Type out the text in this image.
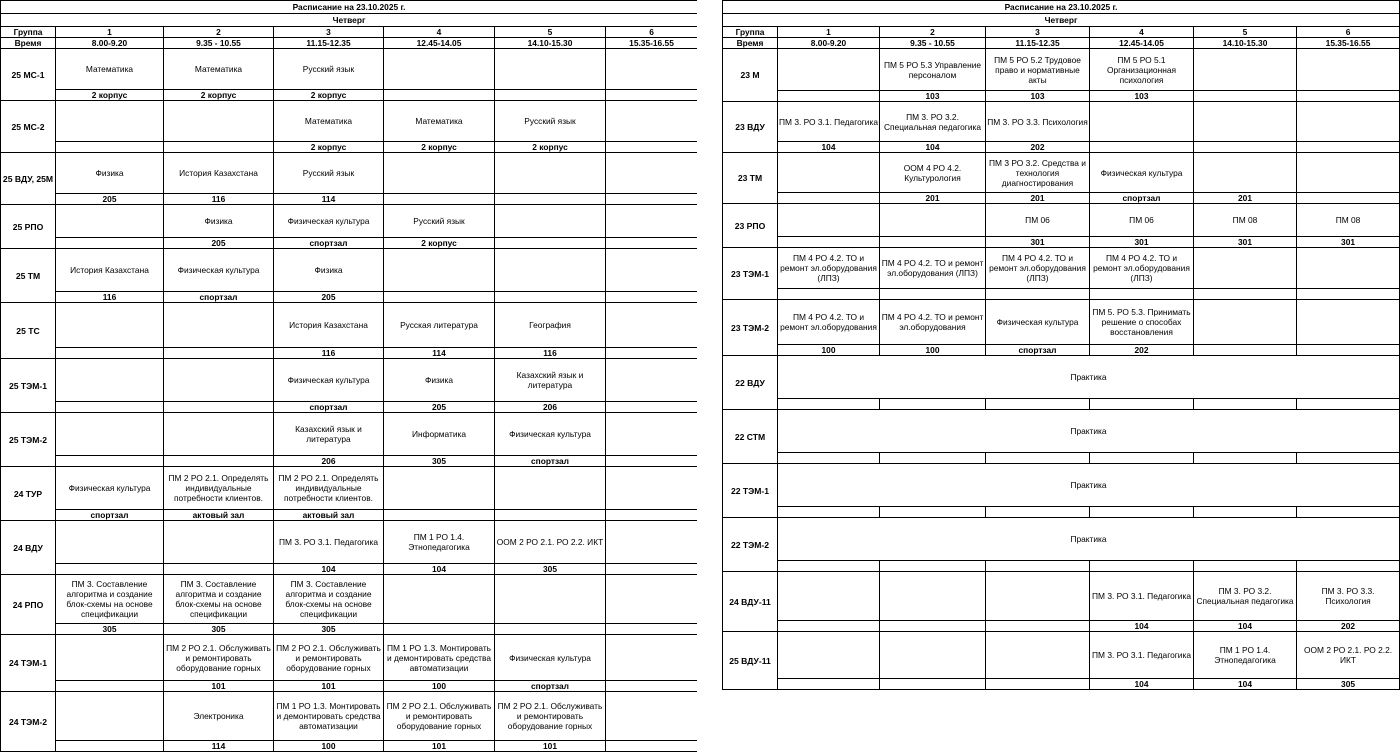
Расписание на 23.10.2025 г.						
Четверг						
Группа	1	2	3	4	5	6
Время	8.00-9.20	9.35 - 10.55	11.15-12.35	12.45-14.05	14.10-15.30	15.35-16.55
25 МС-1	Математика	Математика	Русский язык			
	2 корпус	2 корпус	2 корпус			
25 МС-2			Математика	Математика	Русский язык	
			2 корпус	2 корпус	2 корпус	
25 ВДУ, 25М	Физика	История Казахстана	Русский язык			
	205	116	114			
25 РПО		Физика	Физическая культура	Русский язык		
		205	спортзал	2 корпус		
25 ТМ	История Казахстана	Физическая культура	Физика			
	116	спортзал	205			
25 ТС			История Казахстана	Русская литература	География	
			116	114	116	
25 ТЭМ-1			Физическая культура	Физика	Казахский язык и литература	
			спортзал	205	206	
25 ТЭМ-2			Казахский язык и литература	Информатика	Физическая культура	
			206	305	спортзал	
24 ТУР	Физическая культура	ПМ 2 РО 2.1. Определять индивидуальные потребности клиентов.	ПМ 2 РО 2.1. Определять индивидуальные потребности клиентов.			
	спортзал	актовый зал	актовый зал			
24 ВДУ			ПМ 3. РО 3.1. Педагогика	ПМ 1 РО 1.4. Этнопедагогика	ООМ 2 РО 2.1. РО 2.2. ИКТ	
			104	104	305	
24 РПО	ПМ 3. Составление алгоритма и создание блок-схемы на основе спецификации	ПМ 3. Составление алгоритма и создание блок-схемы на основе спецификации	ПМ 3. Составление алгоритма и создание блок-схемы на основе спецификации			
	305	305	305			
24 ТЭМ-1		ПМ 2 РО 2.1. Обслуживать и ремонтировать оборудование горных	ПМ 2 РО 2.1. Обслуживать и ремонтировать оборудование горных	ПМ 1 РО 1.3. Монтировать и демонтировать средства автоматизации	Физическая культура	
		101	101	100	спортзал	
24 ТЭМ-2		Электроника	ПМ 1 РО 1.3. Монтировать и демонтировать средства автоматизации	ПМ 2 РО 2.1. Обслуживать и ремонтировать оборудование горных	ПМ 2 РО 2.1. Обслуживать и ремонтировать оборудование горных	
		114	100	101	101	
Расписание на 23.10.2025 г.						
Четверг						
Группа	1	2	3	4	5	6
Время	8.00-9.20	9.35 - 10.55	11.15-12.35	12.45-14.05	14.10-15.30	15.35-16.55
23 М		ПМ 5 РО 5.3 Управление персоналом	ПМ 5 РО 5.2 Трудовое право и нормативные акты	ПМ 5 РО 5.1 Организационная психология		
		103	103	103		
23 ВДУ	ПМ 3. РО 3.1. Педагогика	ПМ 3. РО 3.2. Специальная педагогика	ПМ 3. РО 3.3. Психология			
	104	104	202			
23 ТМ		ООМ 4 РО 4.2. Культурология	ПМ 3 РО 3.2. Средства и технология диагностирования	Физическая культура		
		201	201	спортзал	201	
23 РПО			ПМ 06	ПМ 06	ПМ 08	ПМ 08
			301	301	301	301
23 ТЭМ-1	ПМ 4 РО 4.2. ТО и ремонт эл.оборудования (ЛПЗ)	ПМ 4 РО 4.2. ТО и ремонт эл.оборудования (ЛПЗ)	ПМ 4 РО 4.2. ТО и ремонт эл.оборудования (ЛПЗ)	ПМ 4 РО 4.2. ТО и ремонт эл.оборудования (ЛПЗ)		

23 ТЭМ-2	ПМ 4 РО 4.2. ТО и ремонт эл.оборудования	ПМ 4 РО 4.2. ТО и ремонт эл.оборудования	Физическая культура	ПМ 5. РО 5.3. Принимать решение о способах восстановления		
	100	100	спортзал	202		
22 ВДУ	Практика					

22 СТМ	Практика					

22 ТЭМ-1	Практика					

22 ТЭМ-2	Практика					

24 ВДУ-11				ПМ 3. РО 3.1. Педагогика	ПМ 3. РО 3.2. Специальная педагогика	ПМ 3. РО 3.3. Психология
				104	104	202
25 ВДУ-11				ПМ 3. РО 3.1. Педагогика	ПМ 1 РО 1.4. Этнопедагогика	ООМ 2 РО 2.1. РО 2.2. ИКТ
				104	104	305
